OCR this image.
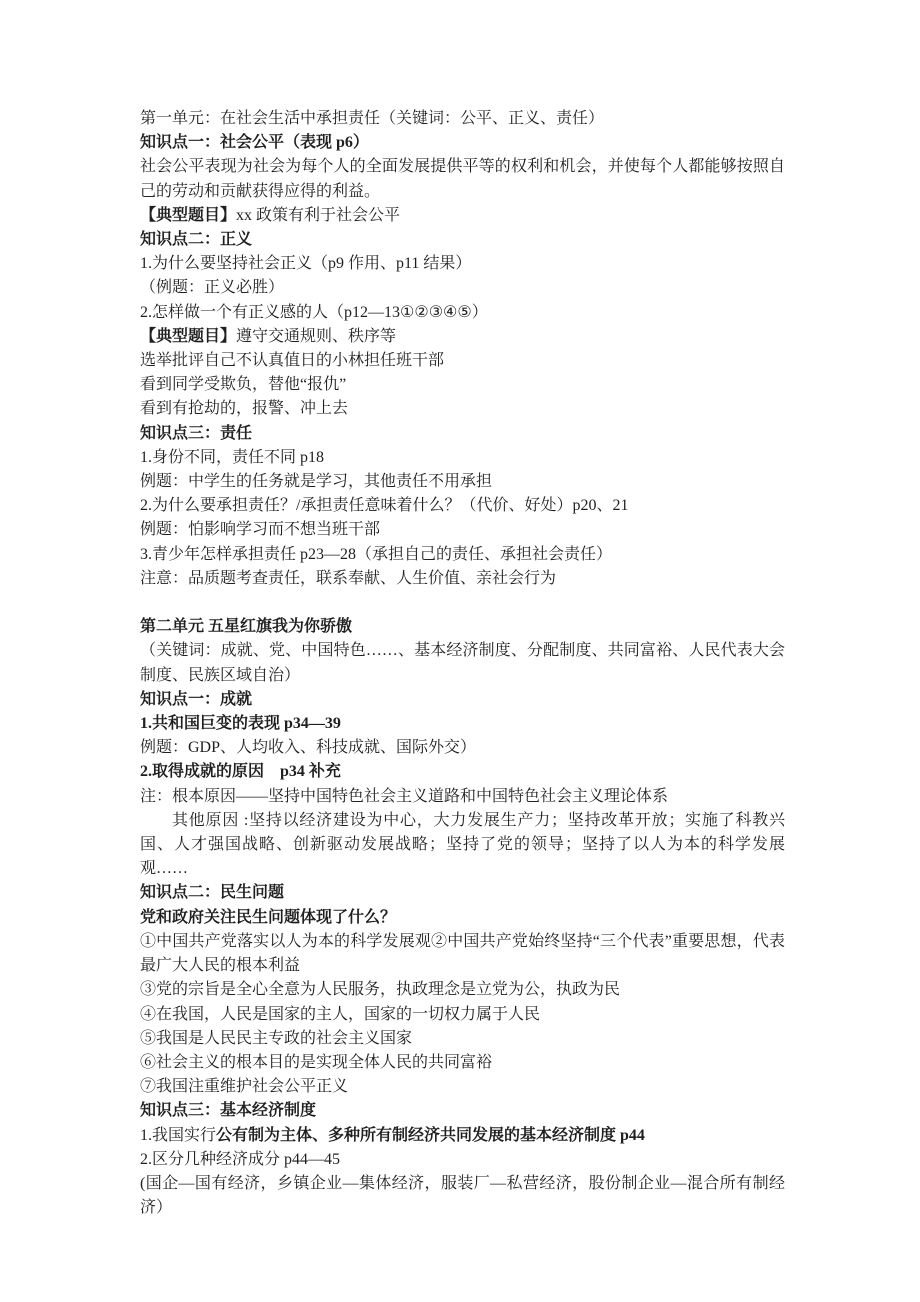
第一单元：在社会生活中承担责任（关键词：公平、正义、责任）

知识点一：社会公平（表现 p6）

社会公平表现为社会为每个人的全面发展提供平等的权利和机会，并使每个人都能够按照自己的劳动和贡献获得应得的利益。

【典型题目】xx 政策有利于社会公平

知识点二：正义

1.为什么要坚持社会正义（p9 作用、p11 结果）

（例题：正义必胜）

2.怎样做一个有正义感的人（p12—13①②③④⑤）

【典型题目】遵守交通规则、秩序等

选举批评自己不认真值日的小林担任班干部

看到同学受欺负，替他“报仇”

看到有抢劫的，报警、冲上去

知识点三：责任

1.身份不同，责任不同 p18

例题：中学生的任务就是学习，其他责任不用承担

2.为什么要承担责任？/承担责任意味着什么？（代价、好处）p20、21

例题：怕影响学习而不想当班干部

3.青少年怎样承担责任 p23—28（承担自己的责任、承担社会责任）

注意：品质题考查责任，联系奉献、人生价值、亲社会行为

第二单元 五星红旗我为你骄傲

（关键词：成就、党、中国特色……、基本经济制度、分配制度、共同富裕、人民代表大会制度、民族区域自治）

知识点一：成就

1.共和国巨变的表现 p34—39

例题：GDP、人均收入、科技成就、国际外交）

2.取得成就的原因　p34 补充

注：根本原因——坚持中国特色社会主义道路和中国特色社会主义理论体系

其他原因 :坚持以经济建设为中心，大力发展生产力；坚持改革开放；实施了科教兴国、人才强国战略、创新驱动发展战略；坚持了党的领导；坚持了以人为本的科学发展观……

知识点二：民生问题

党和政府关注民生问题体现了什么？

①中国共产党落实以人为本的科学发展观②中国共产党始终坚持“三个代表”重要思想，代表最广大人民的根本利益

③党的宗旨是全心全意为人民服务，执政理念是立党为公，执政为民

④在我国，人民是国家的主人，国家的一切权力属于人民

⑤我国是人民民主专政的社会主义国家

⑥社会主义的根本目的是实现全体人民的共同富裕

⑦我国注重维护社会公平正义

知识点三：基本经济制度

1.我国实行公有制为主体、多种所有制经济共同发展的基本经济制度 p44

2.区分几种经济成分 p44—45

(国企—国有经济，乡镇企业—集体经济，服装厂—私营经济，股份制企业—混合所有制经济）
